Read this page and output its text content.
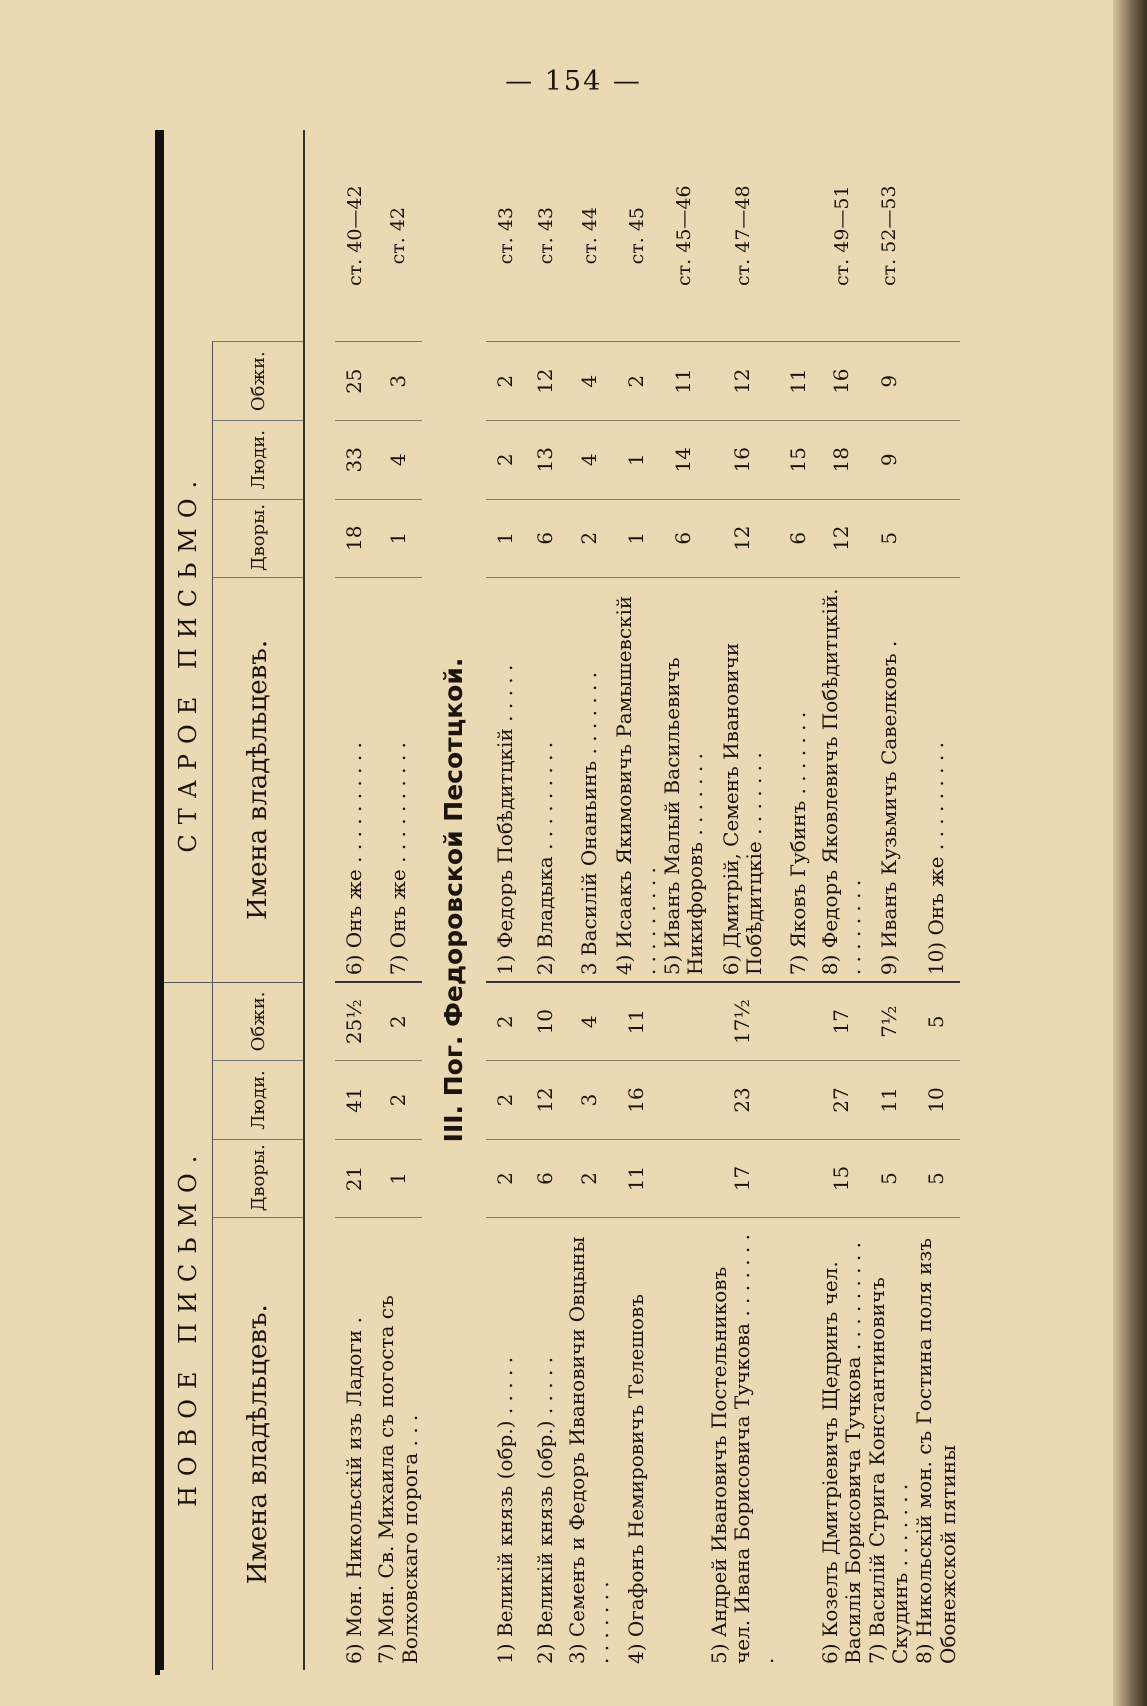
— 154 —
НОВОЕ ПИСЬМО.				СТАРОЕ ПИСЬМО.				
Имена владѣльцевъ.	Дворы.	Люди.	Обжи.	Имена владѣльцевъ.	Дворы.	Люди.	Обжи.	

6) Мон. Никольскій изъ Ладоги .	21	41	25½	6) Онъ же . . . . . . . . . .	18	33	25	ст. 40—42
7) Мон. Св. Михаила съ погоста съ Волховскаго порога . . .	1	2	2	7) Онъ же . . . . . . . . . .	1	4	3	ст. 42
III. Пог. Федоровской Песотцкой.								
1) Великій князь (обр.) . . . . .	2	2	2	1) Федоръ Побѣдитцкій . . . . .	1	2	2	ст. 43
2) Великій князь (обр.) . . . . .	6	12	10	2) Владыка . . . . . . . . .	6	13	12	ст. 43
3) Семенъ и Федоръ Ивановичи Овцыны . . . . . . .	2	3	4	3 Василій Онаньинъ . . . . . . .	2	4	4	ст. 44
4) Огафонъ Немировичъ Телешовъ	11	16	11	4) Исаакъ Якимовичъ Рамышевскій . . . . . . . . .	1	1	2	ст. 45
				5) Иванъ Малый Васильевичъ Никифоровъ . . . . . . .	6	14	11	ст. 45—46
5) Андрей Ивановичъ Постельниковъ чел. Ивана Борисовича Тучкова . . . . . . . .	17	23	17½	6) Дмитрій, Семенъ Ивановичи Побѣдитцкіе . . . . . . .	12	16	12	ст. 47—48
				7) Яковъ Губинъ . . . . . . .	6	15	11	
6) Козелъ Дмитріевичъ Щедринъ чел. Василія Борисовича Тучкова . . . . . . . . .	15	27	17	8) Федоръ Яковлевичъ Побѣдитцкій. . . . . . . . .	12	18	16	ст. 49—51
7) Василій Стрига Константиновичъ Скудинъ . . . . . . .	5	11	7½	9) Иванъ Кузьмичъ Савелковъ .	5	9	9	ст. 52—53
8) Никольскій мон. съ Гостина поля изъ Обонежской пятины	5	10	5	10) Онъ же . . . . . . . . .				
